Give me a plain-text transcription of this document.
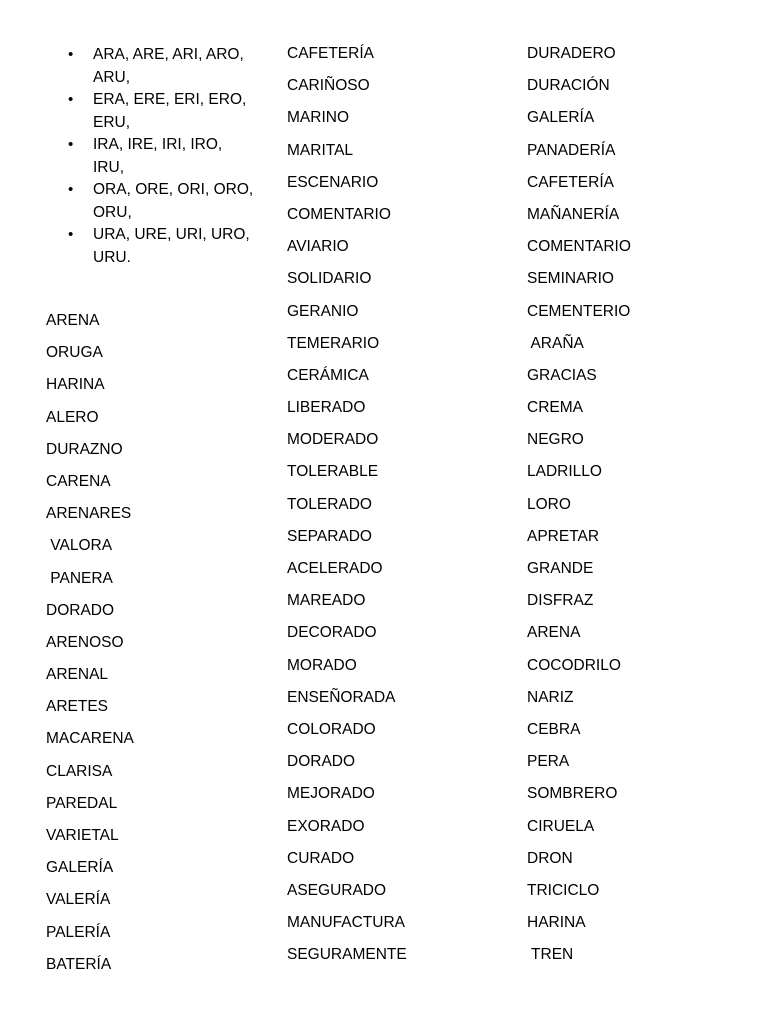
• ARA, ARE, ARI, ARO, ARU,
• ERA, ERE, ERI, ERO, ERU,
• IRA, IRE, IRI, IRO, IRU,
• ORA, ORE, ORI, ORO, ORU,
• URA, URE, URI, URO, URU.
ARENA
ORUGA
HARINA
ALERO
DURAZNO
CARENA
ARENARES
VALORA
PANERA
DORADO
ARENOSO
ARENAL
ARETES
MACARENA
CLARISA
PAREDAL
VARIETAL
GALERÍA
VALERÍA
PALERÍA
BATERÍA
CAFETERÍA
CARIÑOSO
MARINO
MARITAL
ESCENARIO
COMENTARIO
AVIARIO
SOLIDARIO
GERANIO
TEMERARIO
CERÁMICA
LIBERADO
MODERADO
TOLERABLE
TOLERADO
SEPARADO
ACELERADO
MAREADO
DECORADO
MORADO
ENSEÑORADA
COLORADO
DORADO
MEJORADO
EXORADO
CURADO
ASEGURADO
MANUFACTURA
SEGURAMENTE
DURADERO
DURACIÓN
GALERÍA
PANADERÍA
CAFETERÍA
MAÑANERÍA
COMENTARIO
SEMINARIO
CEMENTERIO
ARAÑA
GRACIAS
CREMA
NEGRO
LADRILLO
LORO
APRETAR
GRANDE
DISFRAZ
ARENA
COCODRILO
NARIZ
CEBRA
PERA
SOMBRERO
CIRUELA
DRON
TRICICLO
HARINA
TREN
